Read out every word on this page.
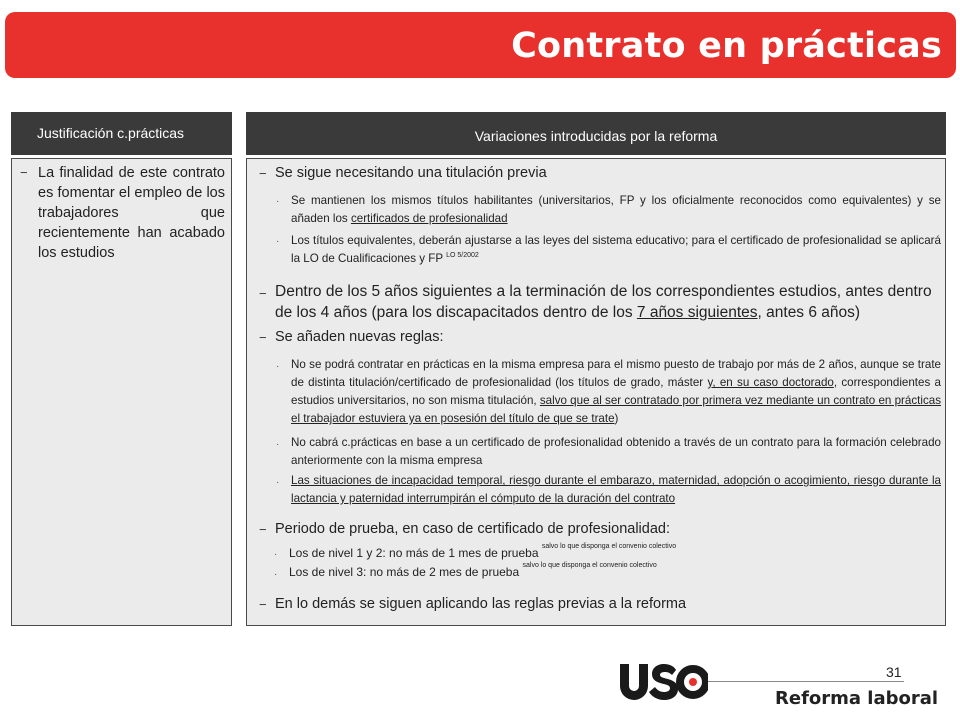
Contrato en prácticas
Justificación c.prácticas
− La finalidad de este contrato es fomentar el empleo de los trabajadores que recientemente han acabado los estudios
Variaciones introducidas por la reforma
− Se sigue necesitando una titulación previa
· Se mantienen los mismos títulos habilitantes (universitarios, FP y los oficialmente reconocidos como equivalentes) y se añaden los certificados de profesionalidad
· Los títulos equivalentes, deberán ajustarse a las leyes del sistema educativo; para el certificado de profesionalidad se aplicará la LO de Cualificaciones y FP $^{LO 5/2002}$
− Dentro de los 5 años siguientes a la terminación de los correspondientes estudios, antes dentro de los 4 años (para los discapacitados dentro de los 7 años siguientes, antes 6 años)
− Se añaden nuevas reglas:
· No se podrá contratar en prácticas en la misma empresa para el mismo puesto de trabajo por más de 2 años, aunque se trate de distinta titulación/certificado de profesionalidad (los títulos de grado, máster y, en su caso doctorado, correspondientes a estudios universitarios, no son misma titulación, salvo que al ser contratado por primera vez mediante un contrato en prácticas el trabajador estuviera ya en posesión del título de que se trate)
· No cabrá c.prácticas en base a un certificado de profesionalidad obtenido a través de un contrato para la formación celebrado anteriormente con la misma empresa
· Las situaciones de incapacidad temporal, riesgo durante el embarazo, maternidad, adopción o acogimiento, riesgo durante la lactancia y paternidad interrumpirán el cómputo de la duración del contrato
− Periodo de prueba, en caso de certificado de profesionalidad:
· Los de nivel 1 y 2: no más de 1 mes de prueba $^{salvo lo que disponga el convenio colectivo}$
· Los de nivel 3: no más de 2 mes de prueba $^{salvo lo que disponga el convenio colectivo}$
− En lo demás se siguen aplicando las reglas previas a la reforma
31
Reforma laboral
